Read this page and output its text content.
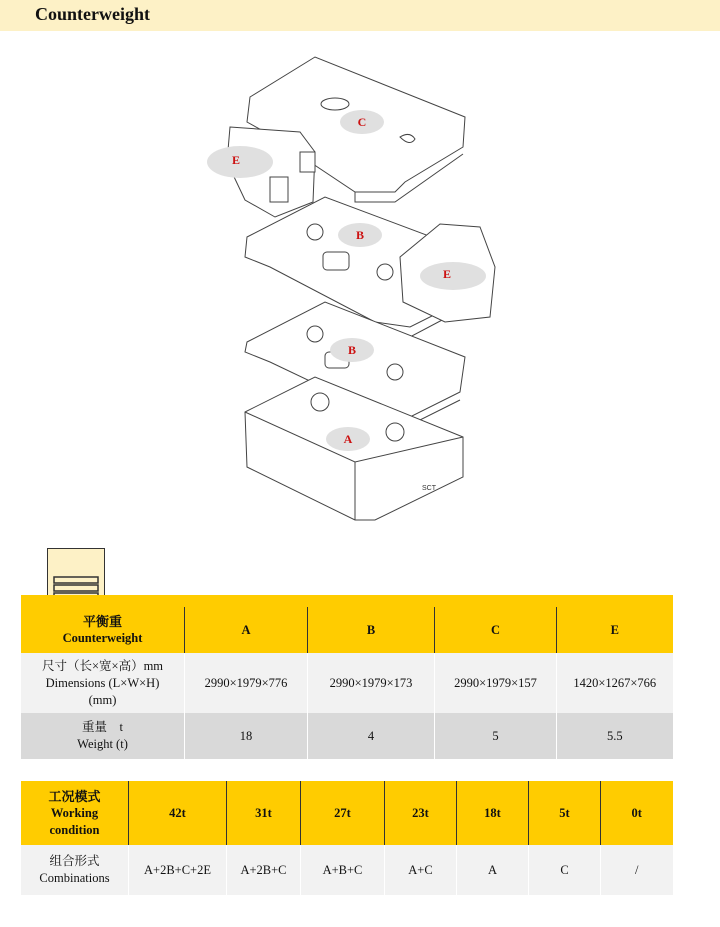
Counterweight
C
E
B
E
B
A
SCT

平衡重
Counterweight	A	B	C	E

尺寸（长×宽×高）mm
Dimensions (L×W×H)
(mm)	2990×1979×776	2990×1979×173	2990×1979×157	1420×1267×766

重量　t
Weight (t)	18	4	5	5.5
工况模式
Working
condition	42t	31t	27t	23t	18t	5t	0t

组合形式
Combinations	A+2B+C+2E	A+2B+C	A+B+C	A+C	A	C	/
